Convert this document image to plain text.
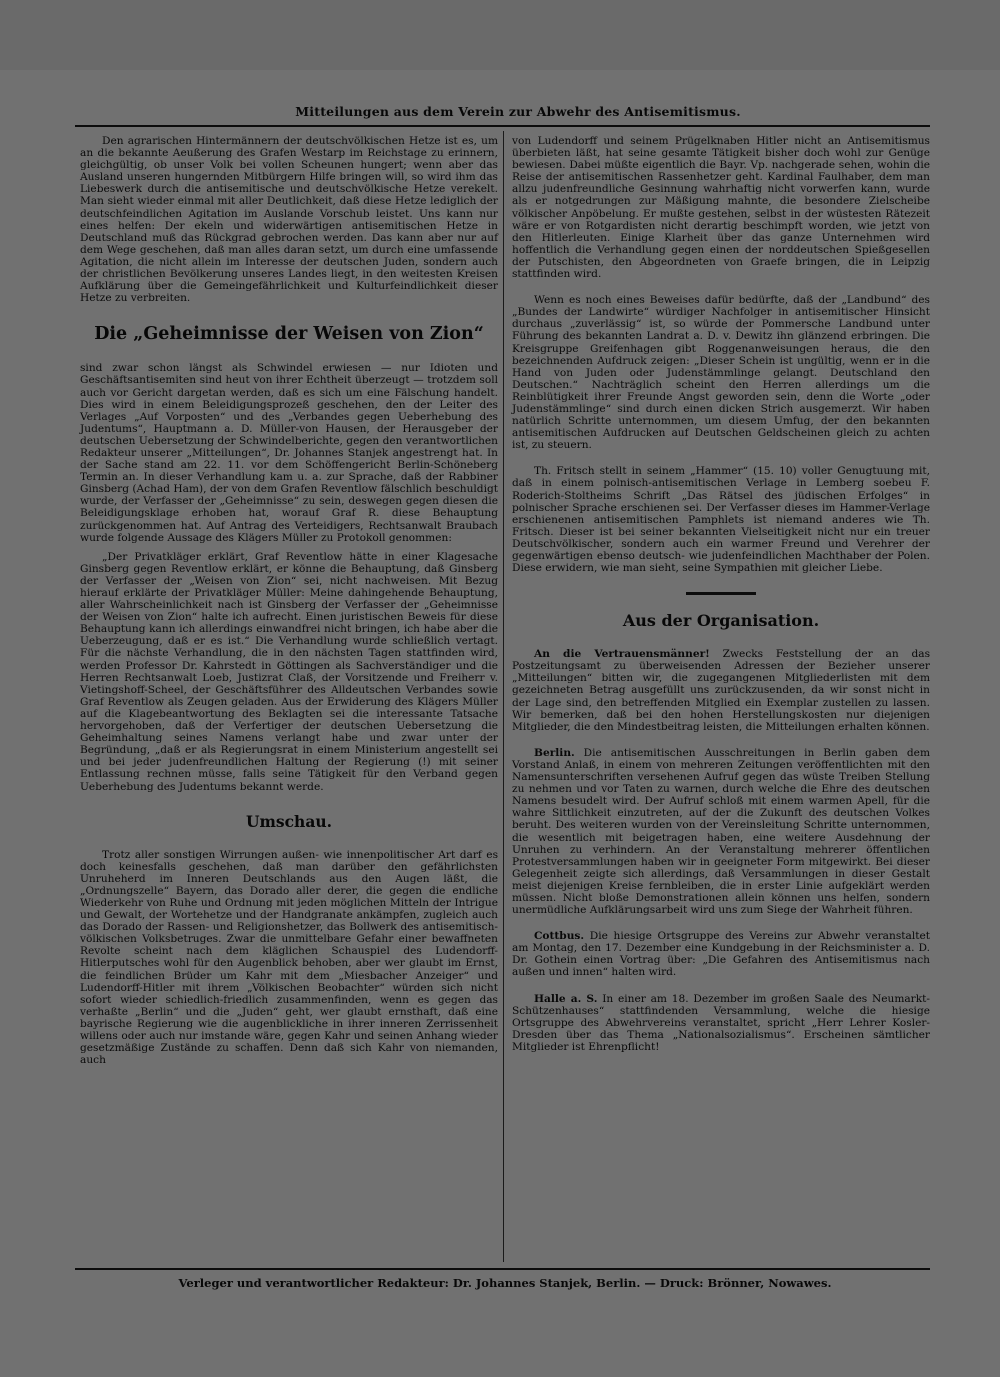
Mitteilungen aus dem Verein zur Abwehr des Antisemitismus.

Den agrarischen Hintermännern der deutschvölkischen Hetze ist es, um an die bekannte Aeußerung des Grafen Westarp im Reichstage zu erinnern, gleichgültig, ob unser Volk bei vollen Scheunen hungert; wenn aber das Ausland unseren hungernden Mitbürgern Hilfe bringen will, so wird ihm das Liebeswerk durch die antisemitische und deutschvölkische Hetze verekelt. Man sieht wieder einmal mit aller Deutlichkeit, daß diese Hetze lediglich der deutschfeindlichen Agitation im Auslande Vorschub leistet. Uns kann nur eines helfen: Der ekeln und widerwärtigen antisemitischen Hetze in Deutschland muß das Rückgrad gebrochen werden. Das kann aber nur auf dem Wege geschehen, daß man alles daran setzt, um durch eine umfassende Agitation, die nicht allein im Interesse der deutschen Juden, sondern auch der christlichen Bevölkerung unseres Landes liegt, in den weitesten Kreisen Aufklärung über die Gemeingefährlichkeit und Kulturfeindlichkeit dieser Hetze zu verbreiten.

Die „Geheimnisse der Weisen von Zion“

sind zwar schon längst als Schwindel erwiesen — nur Idioten und Geschäftsantisemiten sind heut von ihrer Echtheit überzeugt — trotzdem soll auch vor Gericht dargetan werden, daß es sich um eine Fälschung handelt. Dies wird in einem Beleidigungsprozeß geschehen, den der Leiter des Verlages „Auf Vorposten“ und des „Verbandes gegen Ueberhebung des Judentums“, Hauptmann a. D. Müller-von Hausen, der Herausgeber der deutschen Uebersetzung der Schwindelberichte, gegen den verantwortlichen Redakteur unserer „Mitteilungen“, Dr. Johannes Stanjek angestrengt hat. In der Sache stand am 22. 11. vor dem Schöffengericht Berlin-Schöneberg Termin an. In dieser Verhandlung kam u. a. zur Sprache, daß der Rabbiner Ginsberg (Achad Ham), der von dem Grafen Reventlow fälschlich beschuldigt wurde, der Verfasser der „Geheimnisse“ zu sein, deswegen gegen diesen die Beleidigungsklage erhoben hat, worauf Graf R. diese Behauptung zurückgenommen hat. Auf Antrag des Verteidigers, Rechtsanwalt Braubach wurde folgende Aussage des Klägers Müller zu Protokoll genommen:

„Der Privatkläger erklärt, Graf Reventlow hätte in einer Klagesache Ginsberg gegen Reventlow erklärt, er könne die Behauptung, daß Ginsberg der Verfasser der „Weisen von Zion“ sei, nicht nachweisen. Mit Bezug hierauf erklärte der Privatkläger Müller: Meine dahingehende Behauptung, aller Wahrscheinlichkeit nach ist Ginsberg der Verfasser der „Geheimnisse der Weisen von Zion“ halte ich aufrecht. Einen juristischen Beweis für diese Behauptung kann ich allerdings einwandfrei nicht bringen, ich habe aber die Ueberzeugung, daß er es ist.“ Die Verhandlung wurde schließlich vertagt. Für die nächste Verhandlung, die in den nächsten Tagen stattfinden wird, werden Professor Dr. Kahrstedt in Göttingen als Sachverständiger und die Herren Rechtsanwalt Loeb, Justizrat Claß, der Vorsitzende und Freiherr v. Vietingshoff-Scheel, der Geschäftsführer des Alldeutschen Verbandes sowie Graf Reventlow als Zeugen geladen. Aus der Erwiderung des Klägers Müller auf die Klagebeantwortung des Beklagten sei die interessante Tatsache hervorgehoben, daß der Verfertiger der deutschen Uebersetzung die Geheimhaltung seines Namens verlangt habe und zwar unter der Begründung, „daß er als Regierungsrat in einem Ministerium angestellt sei und bei jeder judenfreundlichen Haltung der Regierung (!) mit seiner Entlassung rechnen müsse, falls seine Tätigkeit für den Verband gegen Ueberhebung des Judentums bekannt werde.

Umschau.

Trotz aller sonstigen Wirrungen außen- wie innenpolitischer Art darf es doch keinesfalls geschehen, daß man darüber den gefährlichsten Unruheherd im Inneren Deutschlands aus den Augen läßt, die „Ordnungszelle“ Bayern, das Dorado aller derer, die gegen die endliche Wiederkehr von Ruhe und Ordnung mit jeden möglichen Mitteln der Intrigue und Gewalt, der Wortehetze und der Handgranate ankämpfen, zugleich auch das Dorado der Rassen- und Religionshetzer, das Bollwerk des antisemitisch-völkischen Volksbetruges. Zwar die unmittelbare Gefahr einer bewaffneten Revolte scheint nach dem kläglichen Schauspiel des Ludendorff-Hitlerputsches wohl für den Augenblick behoben, aber wer glaubt im Ernst, die feindlichen Brüder um Kahr mit dem „Miesbacher Anzeiger“ und Ludendorff-Hitler mit ihrem „Völkischen Beobachter“ würden sich nicht sofort wieder schiedlich-friedlich zusammenfinden, wenn es gegen das verhaßte „Berlin“ und die „Juden“ geht, wer glaubt ernsthaft, daß eine bayrische Regierung wie die augenblickliche in ihrer inneren Zerrissenheit willens oder auch nur imstande wäre, gegen Kahr und seinen Anhang wieder gesetzmäßige Zustände zu schaffen. Denn daß sich Kahr von niemanden, auch

von Ludendorff und seinem Prügelknaben Hitler nicht an Antisemitismus überbieten läßt, hat seine gesamte Tätigkeit bisher doch wohl zur Genüge bewiesen. Dabei müßte eigentlich die Bayr. Vp. nachgerade sehen, wohin die Reise der antisemitischen Rassenhetzer geht. Kardinal Faulhaber, dem man allzu judenfreundliche Gesinnung wahrhaftig nicht vorwerfen kann, wurde als er notgedrungen zur Mäßigung mahnte, die besondere Zielscheibe völkischer Anpöbelung. Er mußte gestehen, selbst in der wüstesten Rätezeit wäre er von Rotgardisten nicht derartig beschimpft worden, wie jetzt von den Hitlerleuten. Einige Klarheit über das ganze Unternehmen wird hoffentlich die Verhandlung gegen einen der norddeutschen Spießgesellen der Putschisten, den Abgeordneten von Graefe bringen, die in Leipzig stattfinden wird.

Wenn es noch eines Beweises dafür bedürfte, daß der „Landbund“ des „Bundes der Landwirte“ würdiger Nachfolger in antisemitischer Hinsicht durchaus „zuverlässig“ ist, so würde der Pommersche Landbund unter Führung des bekannten Landrat a. D. v. Dewitz ihn glänzend erbringen. Die Kreisgruppe Greifenhagen gibt Roggenanweisungen heraus, die den bezeichnenden Aufdruck zeigen: „Dieser Schein ist ungültig, wenn er in die Hand von Juden oder Judenstämmlinge gelangt. Deutschland den Deutschen.“ Nachträglich scheint den Herren allerdings um die Reinblütigkeit ihrer Freunde Angst geworden sein, denn die Worte „oder Judenstämmlinge“ sind durch einen dicken Strich ausgemerzt. Wir haben natürlich Schritte unternommen, um diesem Umfug, der den bekannten antisemitischen Aufdrucken auf Deutschen Geldscheinen gleich zu achten ist, zu steuern.

Th. Fritsch stellt in seinem „Hammer“ (15. 10) voller Genugtuung mit, daß in einem polnisch-antisemitischen Verlage in Lemberg soebeu F. Roderich-Stoltheims Schrift „Das Rätsel des jüdischen Erfolges“ in polnischer Sprache erschienen sei. Der Verfasser dieses im Hammer-Verlage erschienenen antisemitischen Pamphlets ist niemand anderes wie Th. Fritsch. Dieser ist bei seiner bekannten Vielseitigkeit nicht nur ein treuer Deutschvölkischer, sondern auch ein warmer Freund und Verehrer der gegenwärtigen ebenso deutsch- wie judenfeindlichen Machthaber der Polen. Diese erwidern, wie man sieht, seine Sympathien mit gleicher Liebe.

Aus der Organisation.

An die Vertrauensmänner! Zwecks Feststellung der an das Postzeitungsamt zu überweisenden Adressen der Bezieher unserer „Mitteilungen“ bitten wir, die zugegangenen Mitgliederlisten mit dem gezeichneten Betrag ausgefüllt uns zurückzusenden, da wir sonst nicht in der Lage sind, den betreffenden Mitglied ein Exemplar zustellen zu lassen. Wir bemerken, daß bei den hohen Herstellungskosten nur diejenigen Mitglieder, die den Mindestbeitrag leisten, die Mitteilungen erhalten können.

Berlin. Die antisemitischen Ausschreitungen in Berlin gaben dem Vorstand Anlaß, in einem von mehreren Zeitungen veröffentlichten mit den Namensunterschriften versehenen Aufruf gegen das wüste Treiben Stellung zu nehmen und vor Taten zu warnen, durch welche die Ehre des deutschen Namens besudelt wird. Der Aufruf schloß mit einem warmen Apell, für die wahre Sittlichkeit einzutreten, auf der die Zukunft des deutschen Volkes beruht. Des weiteren wurden von der Vereinsleitung Schritte unternommen, die wesentlich mit beigetragen haben, eine weitere Ausdehnung der Unruhen zu verhindern. An der Veranstaltung mehrerer öffentlichen Protestversammlungen haben wir in geeigneter Form mitgewirkt. Bei dieser Gelegenheit zeigte sich allerdings, daß Versammlungen in dieser Gestalt meist diejenigen Kreise fernbleiben, die in erster Linie aufgeklärt werden müssen. Nicht bloße Demonstrationen allein können uns helfen, sondern unermüdliche Aufklärungsarbeit wird uns zum Siege der Wahrheit führen.

Cottbus. Die hiesige Ortsgruppe des Vereins zur Abwehr veranstaltet am Montag, den 17. Dezember eine Kundgebung in der Reichsminister a. D. Dr. Gothein einen Vortrag über: „Die Gefahren des Antisemitismus nach außen und innen“ halten wird.

Halle a. S. In einer am 18. Dezember im großen Saale des Neumarkt-Schützenhauses“ stattfindenden Versammlung, welche die hiesige Ortsgruppe des Abwehrvereins veranstaltet, spricht „Herr Lehrer Kosler-Dresden über das Thema „Nationalsozialismus“. Erscheinen sämtlicher Mitglieder ist Ehrenpflicht!

Verleger und verantwortlicher Redakteur: Dr. Johannes Stanjek, Berlin. — Druck: Brönner, Nowawes.
